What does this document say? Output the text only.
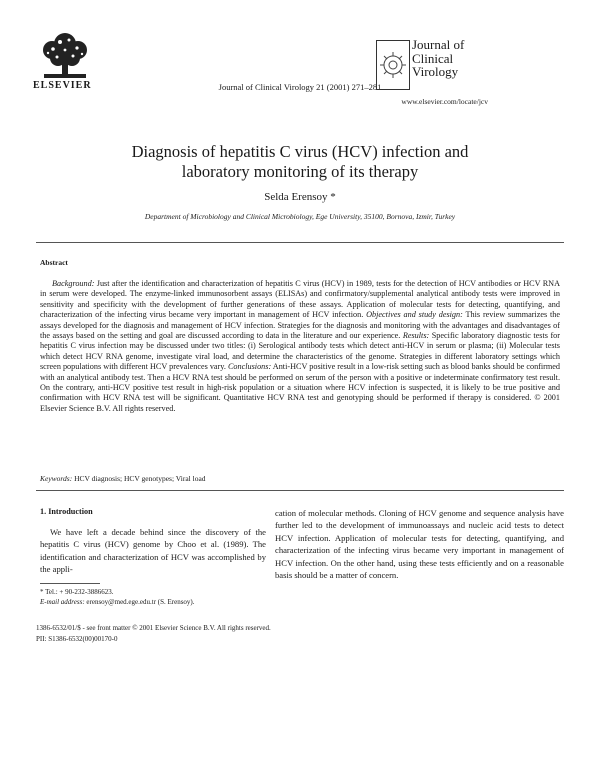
ELSEVIER	Journal of Clinical Virology 21 (2001) 271–281
Journal of
Clinical
Virology
www.elsevier.com/locate/jcv
Diagnosis of hepatitis C virus (HCV) infection and
laboratory monitoring of its therapy
Selda Erensoy *
Department of Microbiology and Clinical Microbiology, Ege University, 35100, Bornova, Izmir, Turkey
Abstract
Background: Just after the identification and characterization of hepatitis C virus (HCV) in 1989, tests for the detection of HCV antibodies or HCV RNA in serum were developed. The enzyme-linked immunosorbent assays (ELISAs) and confirmatory/supplemental analytical antibody tests were improved in sensitivity and specificity with the development of further generations of these assays. Application of molecular tests for detecting, quantifying, and characterization of the infecting virus became very important in management of HCV infection. Objectives and study design: This review summarizes the assays developed for the diagnosis and management of HCV infection. Strategies for the diagnosis and monitoring with the advantages and disadvantages of the assays based on the setting and goal are discussed according to data in the literature and our experience. Results: Specific laboratory diagnostic tests for hepatitis C virus infection may be discussed under two titles: (i) Serological antibody tests which detect anti-HCV in serum or plasma; (ii) Molecular tests which detect HCV RNA genome, investigate viral load, and determine the characteristics of the genome. Strategies in different laboratory settings which screen populations with different HCV prevalences vary. Conclusions: Anti-HCV positive result in a low-risk setting such as blood banks should be confirmed with an analytical antibody test. Then a HCV RNA test should be performed on serum of the person with a positive or indeterminate confirmatory test result. On the contrary, anti-HCV positive test result in high-risk population or a situation where HCV infection is suspected, it is likely to be true positive and confirmation with HCV RNA test will be significant. Quantitative HCV RNA test and genotyping should be performed if therapy is considered. © 2001 Elsevier Science B.V. All rights reserved.
Keywords: HCV diagnosis; HCV genotypes; Viral load
1. Introduction
We have left a decade behind since the discovery of the hepatitis C virus (HCV) genome by Choo et al. (1989). The identification and characterization of HCV was accomplished by the appli-
cation of molecular methods. Cloning of HCV genome and sequence analysis have further led to the development of immunoassays and nucleic acid tests to detect HCV infection. Application of molecular tests for detecting, quantifying, and characterization of the infecting virus became very important in management of HCV infection. On the other hand, using these tests efficiently and on a reasonable basis should be a matter of concern.
* Tel.: + 90-232-3886623.
E-mail address: erensoy@med.ege.edu.tr (S. Erensoy).
1386-6532/01/$ - see front matter © 2001 Elsevier Science B.V. All rights reserved.
PII: S1386-6532(00)00170-0
